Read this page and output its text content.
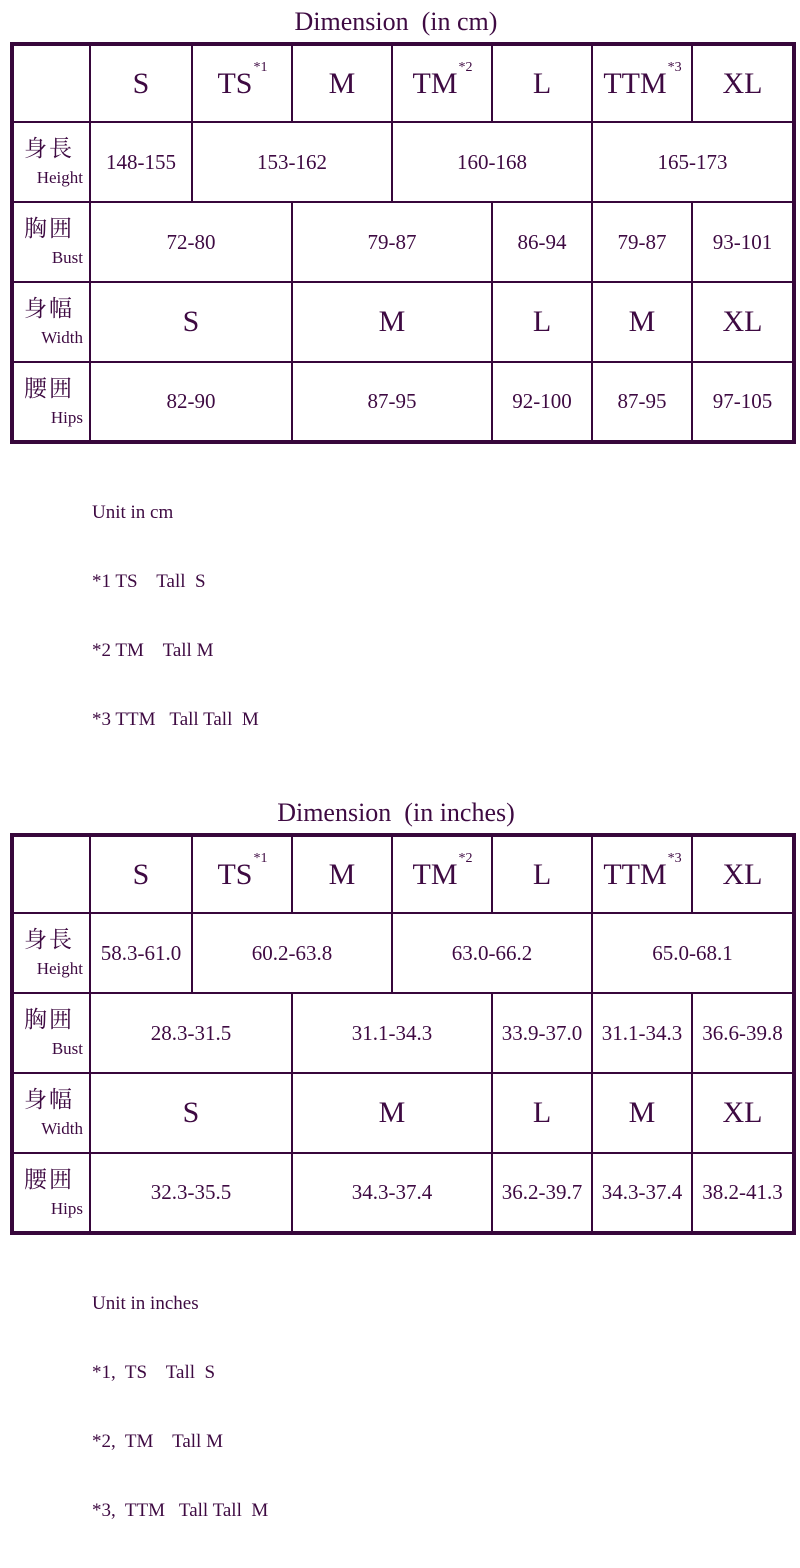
Dimension  (in cm)
	S	TS$^{*1}$	M	TM$^{*2}$	L	TTM$^{*3}$	XL

身長
Height	148-155	153-162		160-168		165-173	

胸囲
Bust	72-80		79-87		86-94	79-87	93-101

身幅
Width	S		M		L	M	XL

腰囲
Hips	82-90		87-95		92-100	87-95	97-105

Unit in cm

*1 TS    Tall  S

*2 TM    Tall M

*3 TTM   Tall Tall  M

Dimension  (in inches)
	S	TS$^{*1}$	M	TM$^{*2}$	L	TTM$^{*3}$	XL

身長
Height	58.3-61.0	60.2-63.8		63.0-66.2		65.0-68.1	

胸囲
Bust	28.3-31.5		31.1-34.3		33.9-37.0	31.1-34.3	36.6-39.8

身幅
Width	S		M		L	M	XL

腰囲
Hips	32.3-35.5		34.3-37.4		36.2-39.7	34.3-37.4	38.2-41.3

Unit in inches

*1,  TS    Tall  S

*2,  TM    Tall M

*3,  TTM   Tall Tall  M
